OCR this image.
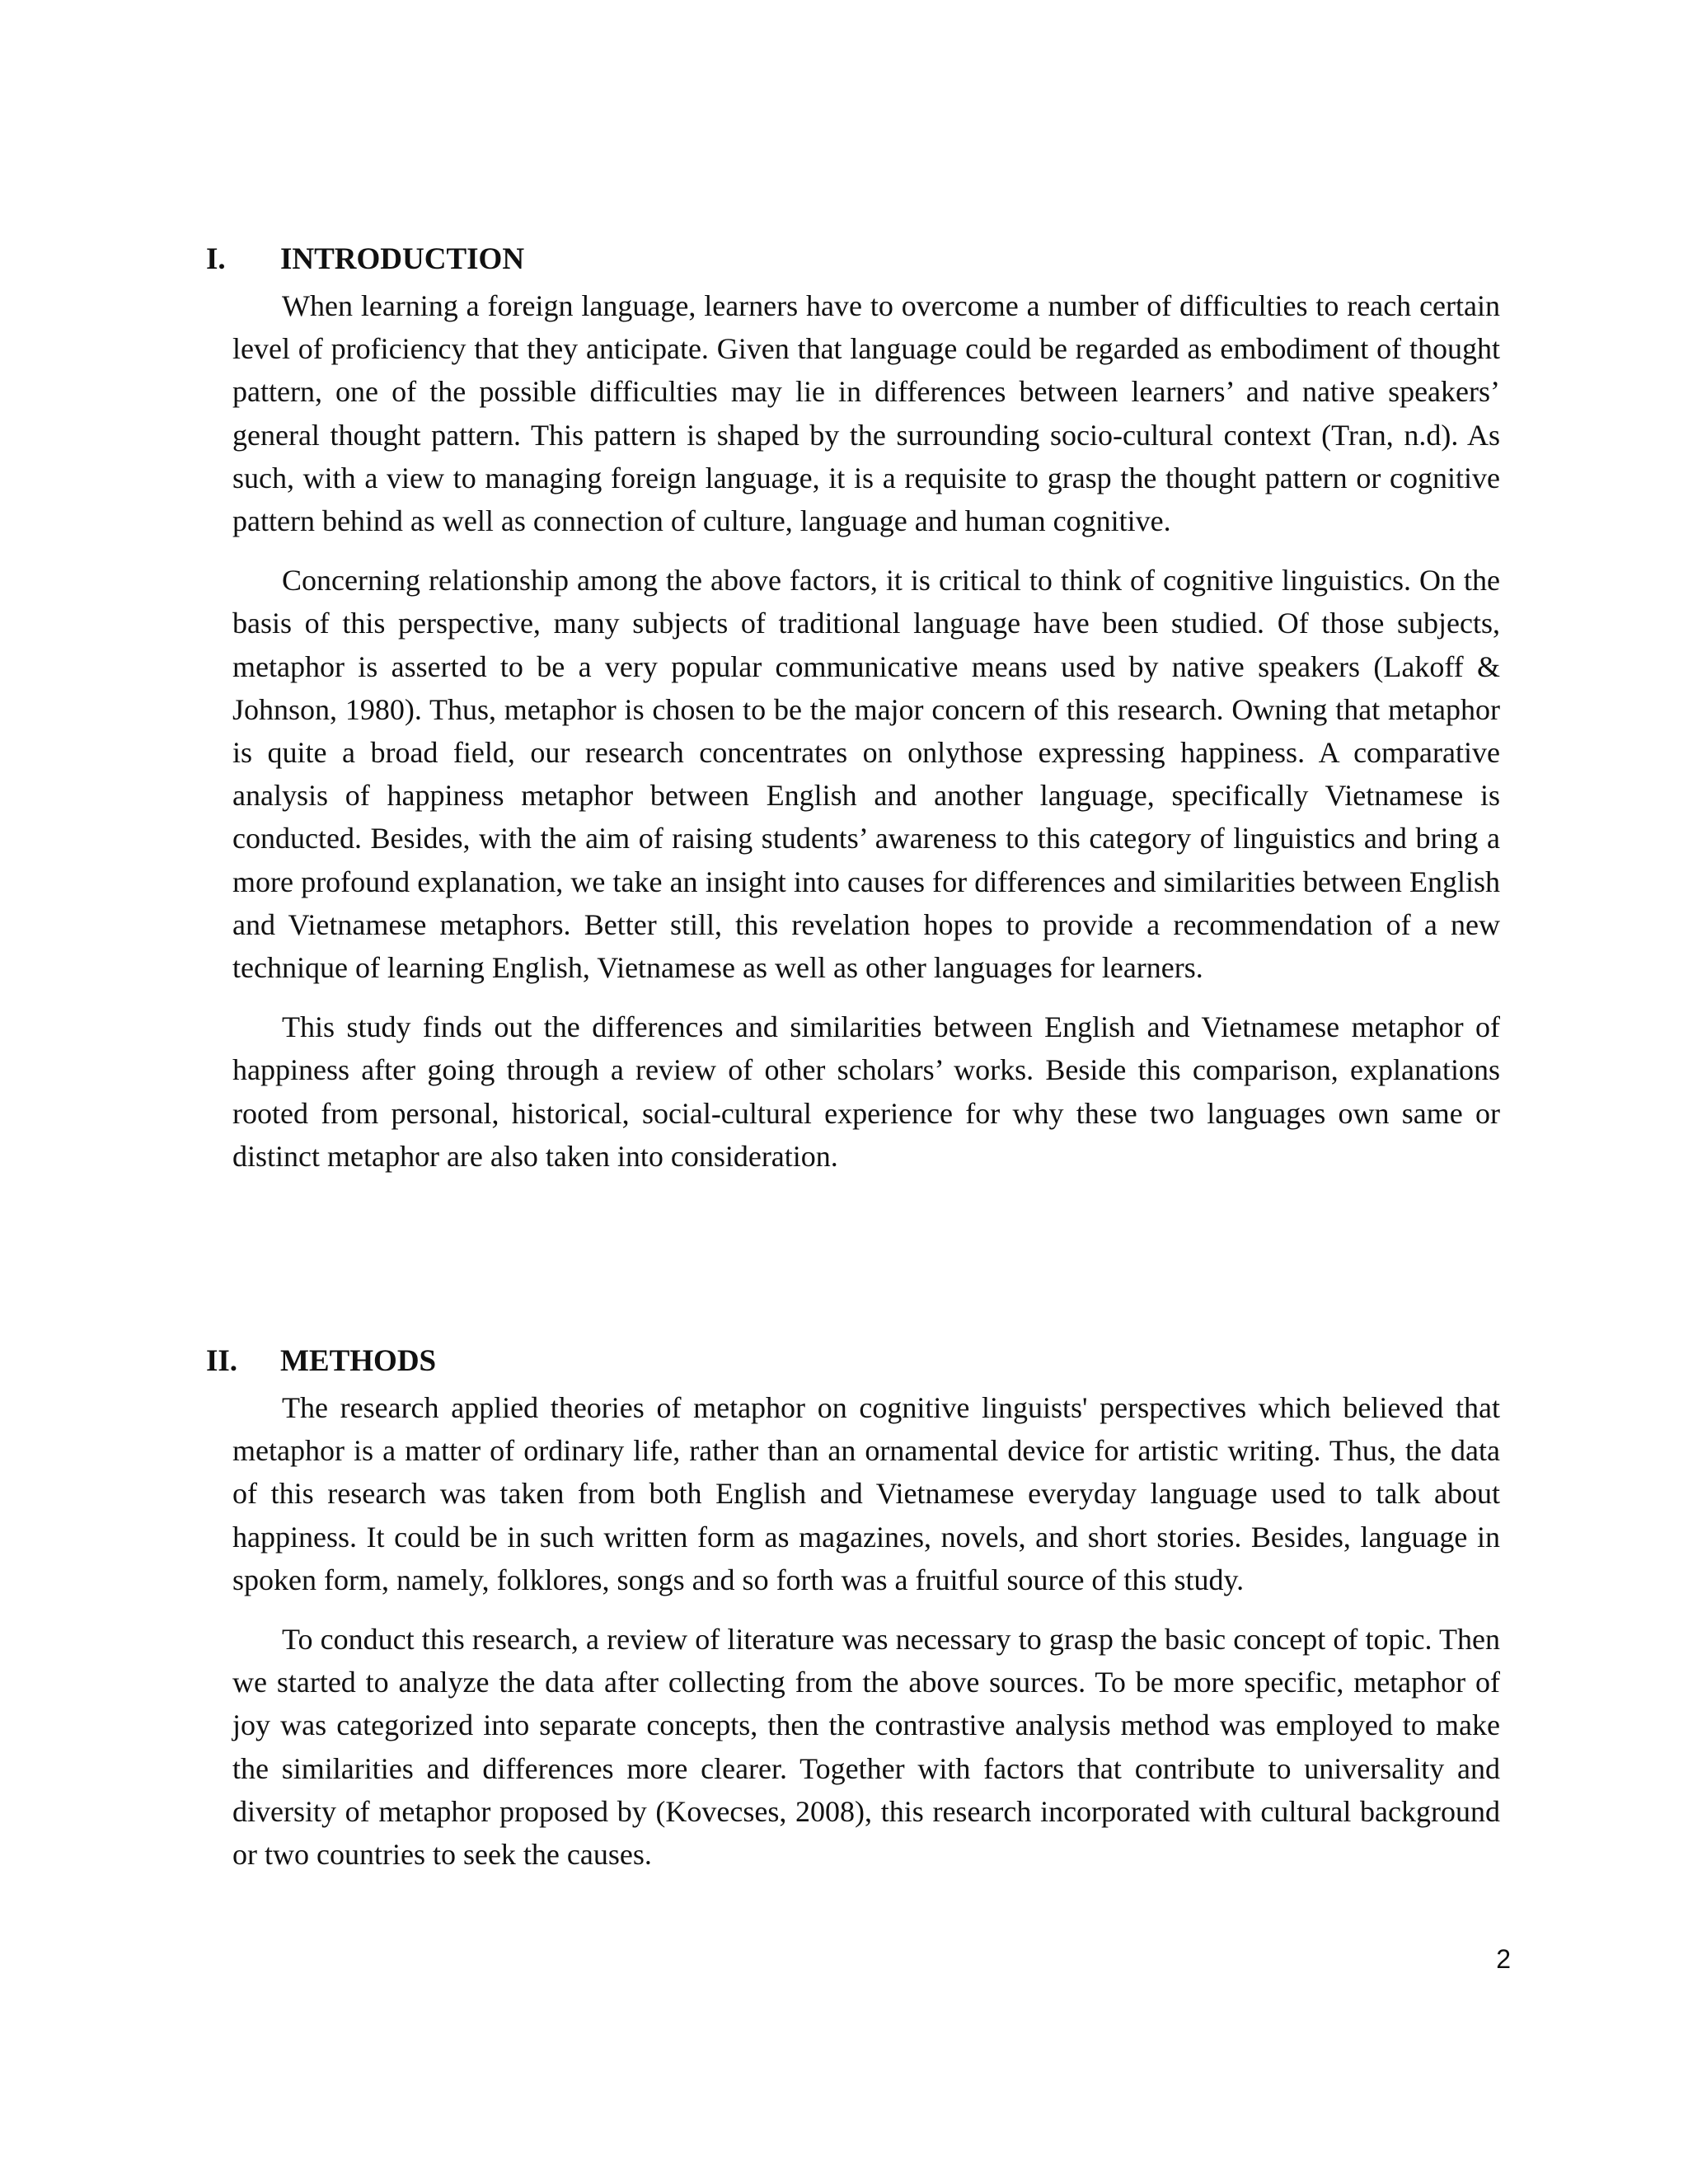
I. INTRODUCTION

When learning a foreign language, learners have to overcome a number of difficulties to reach certain level of proficiency that they anticipate. Given that language could be regarded as embodiment of thought pattern, one of the possible difficulties may lie in differences between learners’ and native speakers’ general thought pattern. This pattern is shaped by the surrounding socio-cultural context (Tran, n.d). As such, with a view to managing foreign language, it is a requisite to grasp the thought pattern or cognitive pattern behind as well as connection of culture, language and human cognitive.

Concerning relationship among the above factors, it is critical to think of cognitive linguistics. On the basis of this perspective, many subjects of traditional language have been studied. Of those subjects, metaphor is asserted to be a very popular communicative means used by native speakers (Lakoff & Johnson, 1980). Thus, metaphor is chosen to be the major concern of this research. Owning that metaphor is quite a broad field, our research concentrates on onlythose expressing happiness. A comparative analysis of happiness metaphor between English and another language, specifically Vietnamese is conducted. Besides, with the aim of raising students’ awareness to this category of linguistics and bring a more profound explanation, we take an insight into causes for differences and similarities between English and Vietnamese metaphors. Better still, this revelation hopes to provide a recommendation of a new technique of learning English, Vietnamese as well as other languages for learners.

This study finds out the differences and similarities between English and Vietnamese metaphor of happiness after going through a review of other scholars’ works. Beside this comparison, explanations rooted from personal, historical, social-cultural experience for why these two languages own same or distinct metaphor are also taken into consideration.

II. METHODS

The research applied theories of metaphor on cognitive linguists' perspectives which believed that metaphor is a matter of ordinary life, rather than an ornamental device for artistic writing. Thus, the data of this research was taken from both English and Vietnamese everyday language used to talk about happiness. It could be in such written form as magazines, novels, and short stories. Besides, language in spoken form, namely, folklores, songs and so forth was a fruitful source of this study.

To conduct this research, a review of literature was necessary to grasp the basic concept of topic. Then we started to analyze the data after collecting from the above sources. To be more specific, metaphor of joy was categorized into separate concepts, then the contrastive analysis method was employed to make the similarities and differences more clearer. Together with factors that contribute to universality and diversity of metaphor proposed by (Kovecses, 2008), this research incorporated with cultural background or two countries to seek the causes.

2
